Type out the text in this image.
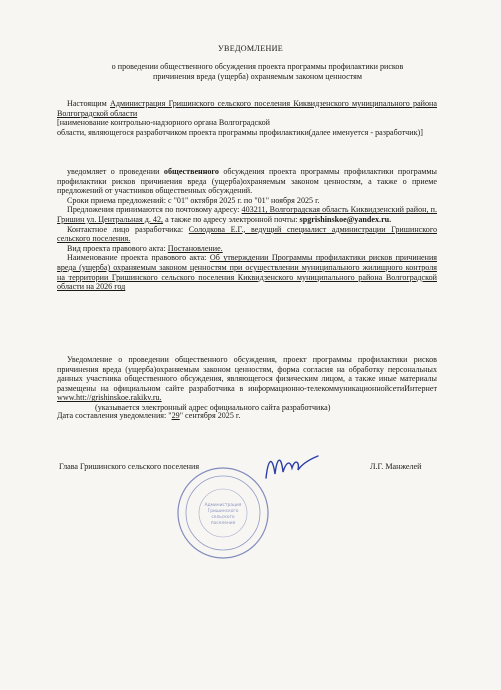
УВЕДОМЛЕНИЕ
о проведении общественного обсуждения проекта программы профилактики рисков
причинения вреда (ущерба) охраняемым законом ценностям

Настоящим Администрация Гришинского сельского поселения Киквидзенского муниципального района Волгоградской области

[наименование контрольно-надзорного органа Волгоградской

области, являющегося разработчиком проекта программы профилактики(далее именуется - разработчик)]

уведомляет о проведении общественного обсуждения проекта программы профилактики программы профилактики рисков причинения вреда (ущерба)охраняемым законом ценностям, а также о приеме предложений от участников общественных обсуждений.

Сроки приема предложений: с "01" октября 2025 г. по "01" ноября 2025 г.

Предложения принимаются по почтовому адресу: 403211, Волгоградская область Киквидзенский район, п. Гришин ул. Центральная д. 42, а также по адресу электронной почты: spgrishinskoe@yandex.ru.

Контактное лицо разработчика: Солодкова Е.Г., ведущий специалист администрации Гришинского сельского поселения.

Вид проекта правового акта: Постановление.

Наименование проекта правового акта: Об утверждении Программы профилактики рисков причинения вреда (ущерба) охраняемым законом ценностям при осуществлении муниципального жилищного контроля на территории Гришинского сельского поселения Киквидзенского муниципального района Волгоградской области на 2026 год

Уведомление о проведении общественного обсуждения, проект программы профилактики рисков причинения вреда (ущерба)охраняемым законом ценностям, форма согласия на обработку персональных данных участника общественного обсуждения, являющегося физическим лицом, а также иные материалы размещены на официальном сайте разработчика в информационно-телекоммуникационнойсетиИнтернет www.htt://grishinskoe.rakikv.ru.

(указывается электронный адрес официального сайта разработчика)

Дата составления уведомления: "29" сентября 2025 г.
Глава Гришинского сельского поселения	Л.Г. Манжелей
Администрация
Гришинского
сельского
поселения
